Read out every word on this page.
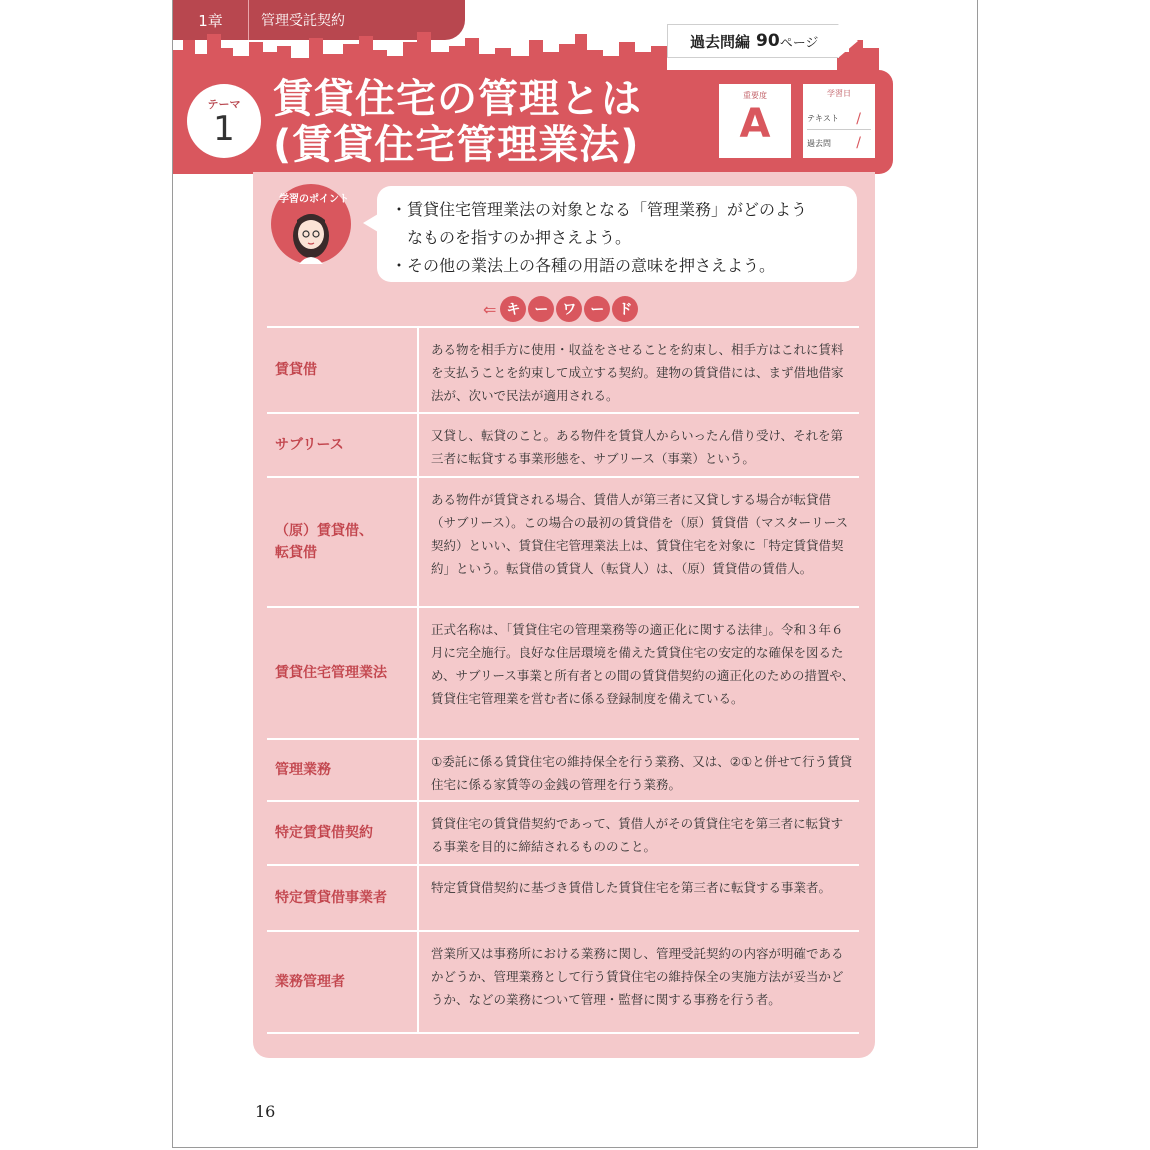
1章	管理受託契約
過去問編 90 ページ
テーマ
1
賃貸住宅の管理とは
(賃貸住宅管理業法)
重要度
A
学習日
テキスト /
過去問 /
学習のポイント
・賃貸住宅管理業法の対象となる「管理業務」がどのよう
　なものを指すのか押さえよう。
・その他の業法上の各種の用語の意味を押さえよう。
⇐ キ	ー	ワ	ー	ド
賃貸借
ある物を相手方に使用・収益をさせることを約束し、相手方はこれに賃料を支払うことを約束して成立する契約。建物の賃貸借には、まず借地借家法が、次いで民法が適用される。
サブリース
又貸し、転貸のこと。ある物件を賃貸人からいったん借り受け、それを第三者に転貸する事業形態を、サブリース（事業）という。
（原）賃貸借、転貸借
ある物件が賃貸される場合、賃借人が第三者に又貸しする場合が転貸借（サブリース）。この場合の最初の賃貸借を（原）賃貸借（マスターリース契約）といい、賃貸住宅管理業法上は、賃貸住宅を対象に「特定賃貸借契約」という。転貸借の賃貸人（転貸人）は、（原）賃貸借の賃借人。
賃貸住宅管理業法
正式名称は、「賃貸住宅の管理業務等の適正化に関する法律」。令和３年６月に完全施行。良好な住居環境を備えた賃貸住宅の安定的な確保を図るため、サブリース事業と所有者との間の賃貸借契約の適正化のための措置や、賃貸住宅管理業を営む者に係る登録制度を備えている。
管理業務
①委託に係る賃貸住宅の維持保全を行う業務、又は、②①と併せて行う賃貸住宅に係る家賃等の金銭の管理を行う業務。
特定賃貸借契約
賃貸住宅の賃貸借契約であって、賃借人がその賃貸住宅を第三者に転貸する事業を目的に締結されるもののこと。
特定賃貸借事業者
特定賃貸借契約に基づき賃借した賃貸住宅を第三者に転貸する事業者。
業務管理者
営業所又は事務所における業務に関し、管理受託契約の内容が明確であるかどうか、管理業務として行う賃貸住宅の維持保全の実施方法が妥当かどうか、などの業務について管理・監督に関する事務を行う者。
16
